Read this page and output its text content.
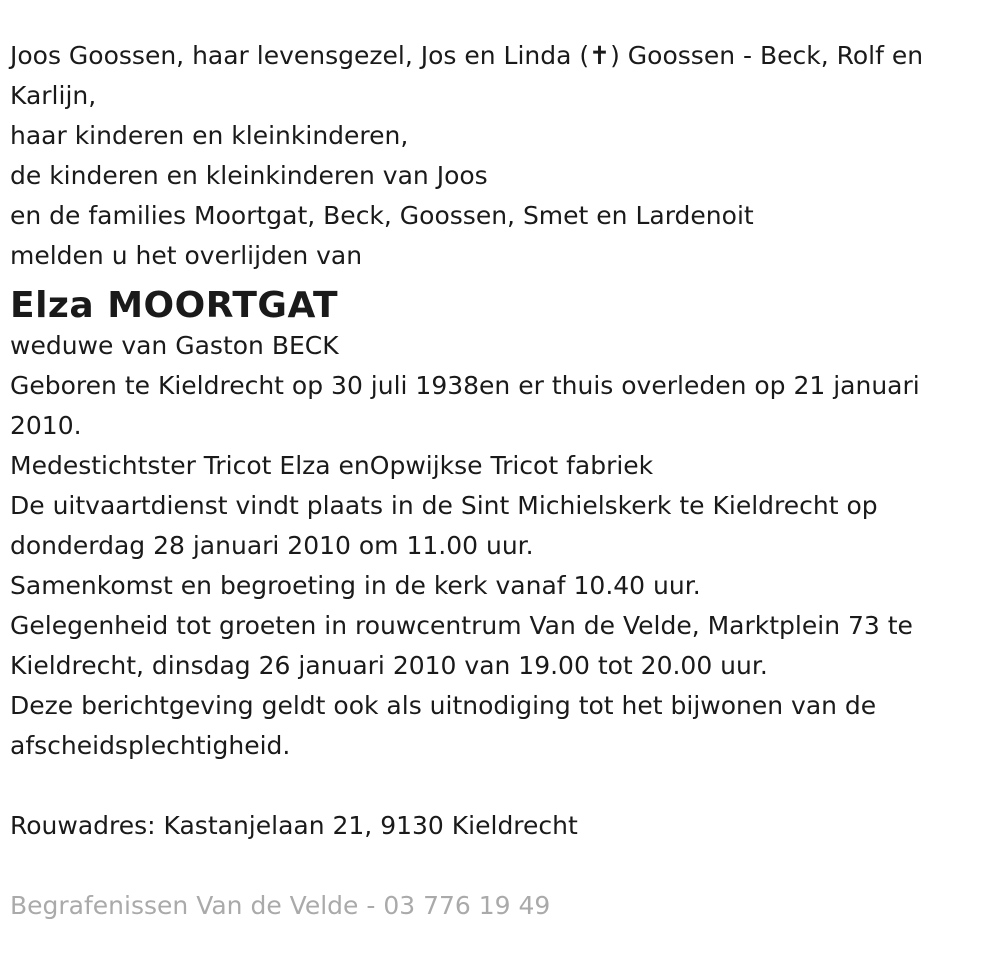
Joos Goossen, haar levensgezel, Jos en Linda (✝) Goossen - Beck, Rolf en Karlijn,
haar kinderen en kleinkinderen,
de kinderen en kleinkinderen van Joos
en de families Moortgat, Beck, Goossen, Smet en Lardenoit
melden u het overlijden van
Elza MOORTGAT
weduwe van Gaston BECK
Geboren te Kieldrecht op 30 juli 1938en er thuis overleden op 21 januari 2010.
Medestichtster Tricot Elza enOpwijkse Tricot fabriek
De uitvaartdienst vindt plaats in de Sint Michielskerk te Kieldrecht op donderdag 28 januari 2010 om 11.00 uur.
Samenkomst en begroeting in de kerk vanaf 10.40 uur.
Gelegenheid tot groeten in rouwcentrum Van de Velde, Marktplein 73 te Kieldrecht, dinsdag 26 januari 2010 van 19.00 tot 20.00 uur.
Deze berichtgeving geldt ook als uitnodiging tot het bijwonen van de afscheidsplechtigheid.
Rouwadres: Kastanjelaan 21, 9130 Kieldrecht
Begrafenissen Van de Velde - 03 776 19 49
